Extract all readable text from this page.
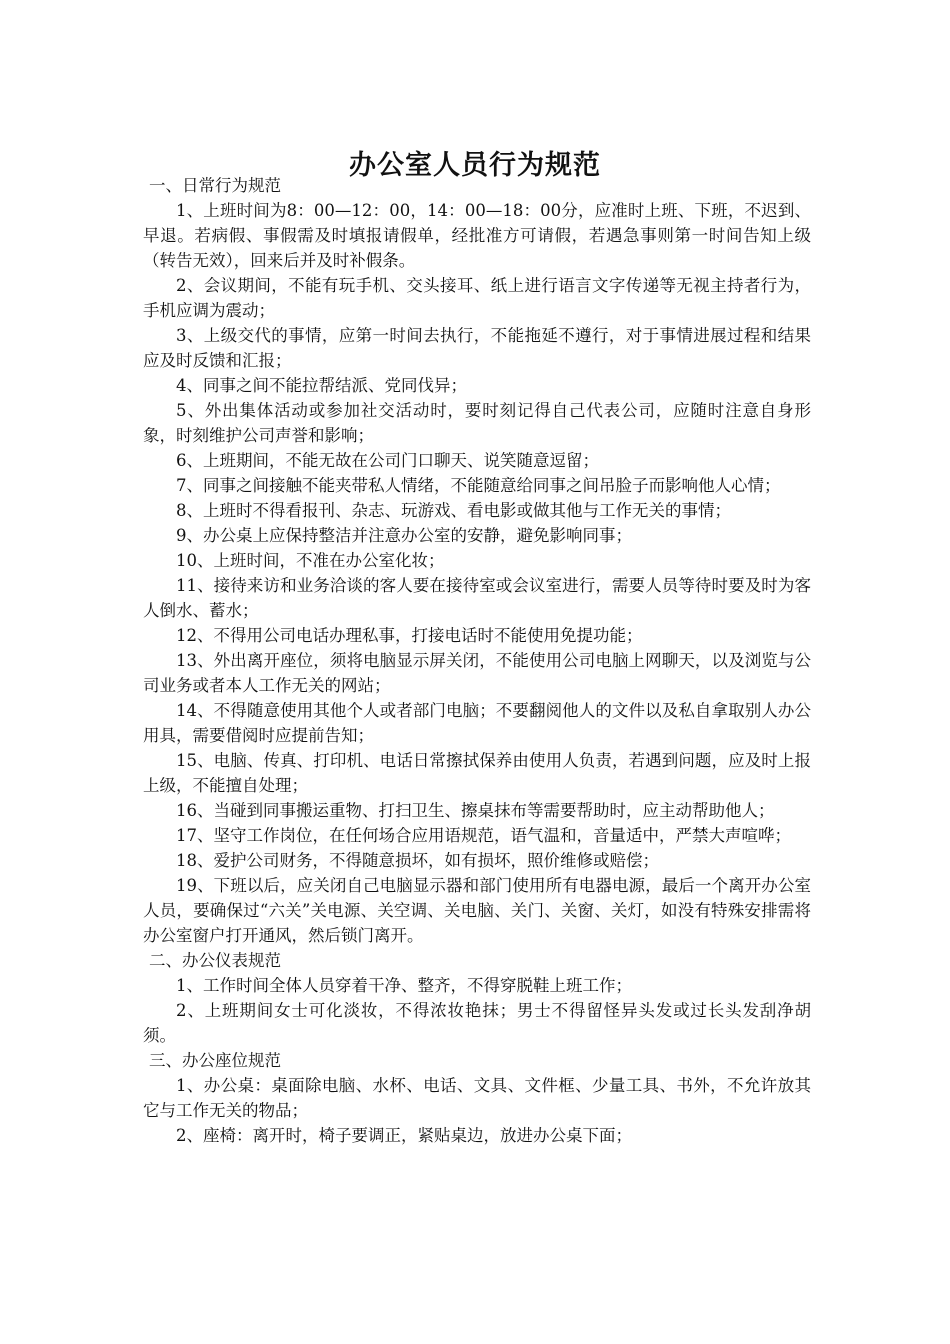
办公室人员行为规范

一、日常行为规范

1、上班时间为8：00—12：00，14：00—18：00分，应准时上班、下班，不迟到、早退。若病假、事假需及时填报请假单，经批准方可请假，若遇急事则第一时间告知上级（转告无效），回来后并及时补假条。

2、会议期间，不能有玩手机、交头接耳、纸上进行语言文字传递等无视主持者行为，手机应调为震动；

3、上级交代的事情，应第一时间去执行，不能拖延不遵行，对于事情进展过程和结果应及时反馈和汇报；

4、同事之间不能拉帮结派、党同伐异；

5、外出集体活动或参加社交活动时，要时刻记得自己代表公司，应随时注意自身形象，时刻维护公司声誉和影响；

6、上班期间，不能无故在公司门口聊天、说笑随意逗留；

7、同事之间接触不能夹带私人情绪，不能随意给同事之间吊脸子而影响他人心情；

8、上班时不得看报刊、杂志、玩游戏、看电影或做其他与工作无关的事情；

9、办公桌上应保持整洁并注意办公室的安静，避免影响同事；

10、上班时间，不准在办公室化妆；

11、接待来访和业务洽谈的客人要在接待室或会议室进行，需要人员等待时要及时为客人倒水、蓄水；

12、不得用公司电话办理私事，打接电话时不能使用免提功能；

13、外出离开座位，须将电脑显示屏关闭，不能使用公司电脑上网聊天，以及浏览与公司业务或者本人工作无关的网站；

14、不得随意使用其他个人或者部门电脑；不要翻阅他人的文件以及私自拿取别人办公用具，需要借阅时应提前告知；

15、电脑、传真、打印机、电话日常擦拭保养由使用人负责，若遇到问题，应及时上报上级，不能擅自处理；

16、当碰到同事搬运重物、打扫卫生、擦桌抹布等需要帮助时，应主动帮助他人；

17、坚守工作岗位，在任何场合应用语规范，语气温和，音量适中，严禁大声喧哗；

18、爱护公司财务，不得随意损坏，如有损坏，照价维修或赔偿；

19、下班以后，应关闭自己电脑显示器和部门使用所有电器电源，最后一个离开办公室人员，要确保过“六关”关电源、关空调、关电脑、关门、关窗、关灯，如没有特殊安排需将办公室窗户打开通风，然后锁门离开。

二、办公仪表规范

1、工作时间全体人员穿着干净、整齐，不得穿脱鞋上班工作；

2、上班期间女士可化淡妆，不得浓妆艳抹；男士不得留怪异头发或过长头发刮净胡须。

三、办公座位规范

1、办公桌：桌面除电脑、水杯、电话、文具、文件框、少量工具、书外，不允许放其它与工作无关的物品；

2、座椅：离开时，椅子要调正，紧贴桌边，放进办公桌下面；
